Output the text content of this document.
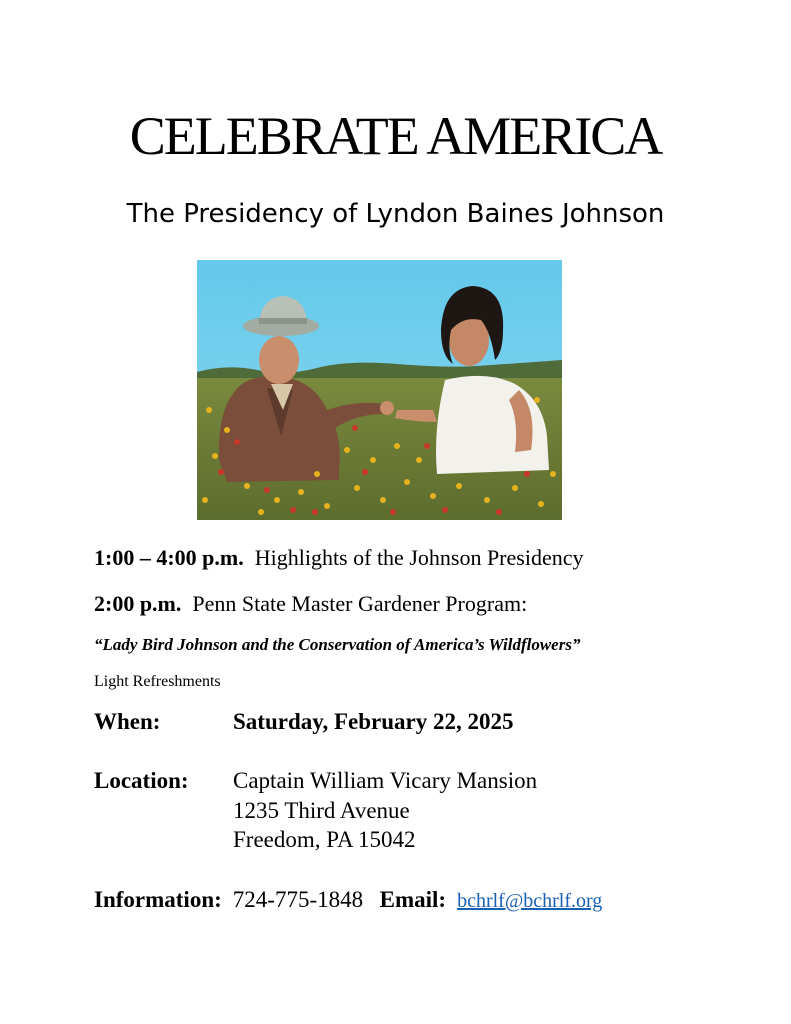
CELEBRATE AMERICA
The Presidency of Lyndon Baines Johnson
1:00 – 4:00 p.m. Highlights of the Johnson Presidency
2:00 p.m. Penn State Master Gardener Program:
“Lady Bird Johnson and the Conservation of America’s Wildflowers”
Light Refreshments
When:	Saturday, February 22, 2025
Location: Captain William Vicary Mansion
1235 Third Avenue
Freedom, PA 15042
Information: 724-775-1848 Email: bchrlf@bchrlf.org
